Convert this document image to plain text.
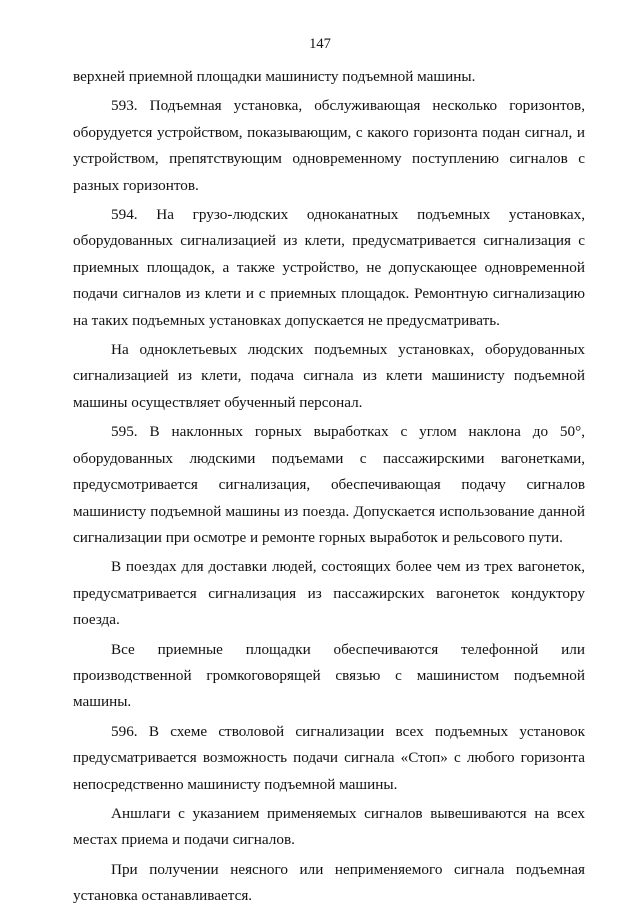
147

верхней приемной площадки машинисту подъемной машины.

593. Подъемная установка, обслуживающая несколько горизонтов, оборудуется устройством, показывающим, с какого горизонта подан сигнал, и устройством, препятствующим одновременному поступлению сигналов с разных горизонтов.

594. На грузо-людских одноканатных подъемных установках, оборудованных сигнализацией из клети, предусматривается сигнализация с приемных площадок, а также устройство, не допускающее одновременной подачи сигналов из клети и с приемных площадок. Ремонтную сигнализацию на таких подъемных установках допускается не предусматривать.

На одноклетьевых людских подъемных установках, оборудованных сигнализацией из клети, подача сигнала из клети машинисту подъемной машины осуществляет обученный персонал.

595. В наклонных горных выработках с углом наклона до 50°, оборудованных людскими подъемами с пассажирскими вагонетками, предусмотривается сигнализация, обеспечивающая подачу сигналов машинисту подъемной машины из поезда. Допускается использование данной сигнализации при осмотре и ремонте горных выработок и рельсового пути.

В поездах для доставки людей, состоящих более чем из трех вагонеток, предусматривается сигнализация из пассажирских вагонеток кондуктору поезда.

Все приемные площадки обеспечиваются телефонной или производственной громкоговорящей связью с машинистом подъемной машины.

596. В схеме стволовой сигнализации всех подъемных установок предусматривается возможность подачи сигнала «Стоп» с любого горизонта непосредственно машинисту подъемной машины.

Аншлаги с указанием применяемых сигналов вывешиваются на всех местах приема и подачи сигналов.

При получении неясного или неприменяемого сигнала подъемная установка останавливается.
